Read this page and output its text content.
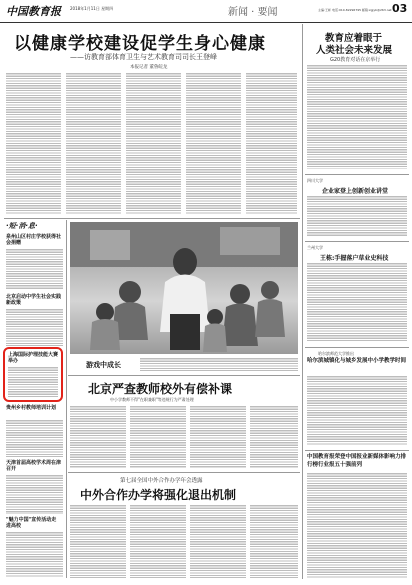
中国教育报 2018年1月11日 星期四	新闻 · 要闻	主编:王彬 电话:010-82296795 邮箱:zgjyb@263.net 03
以健康学校建设促学生身心健康
——访教育部体育卫生与艺术教育司司长王登峰
本报记者 董鲁皖龙
教育应着眼于
人类社会未来发展
G20教育对话在京举行
四川大学
企业家登上创新创业讲堂
兰州大学
王栋:手握落户草业史科技
哈尔滨师范大学推出
哈尔滨城镇化与城乡发展中小学教学时间
中国教育报荣登中国报业新媒体影响力排行榜行业报五十强前列
·短·消·息·
泉州山区村庄学校获得社会捐赠
北京启动中学生社会实践新政策
上海国际护理技能大赛举办
贵州乡村教师培训计划
天津首届高校学术周在津召开
"魅力中国"宣传活动走进高校
游戏中成长
北京严查教师校外有偿补课
中小学教师不得"在职兼职"等违规行为严肃处理
第七届全国中外合作办学年会透露
中外合作办学将强化退出机制
